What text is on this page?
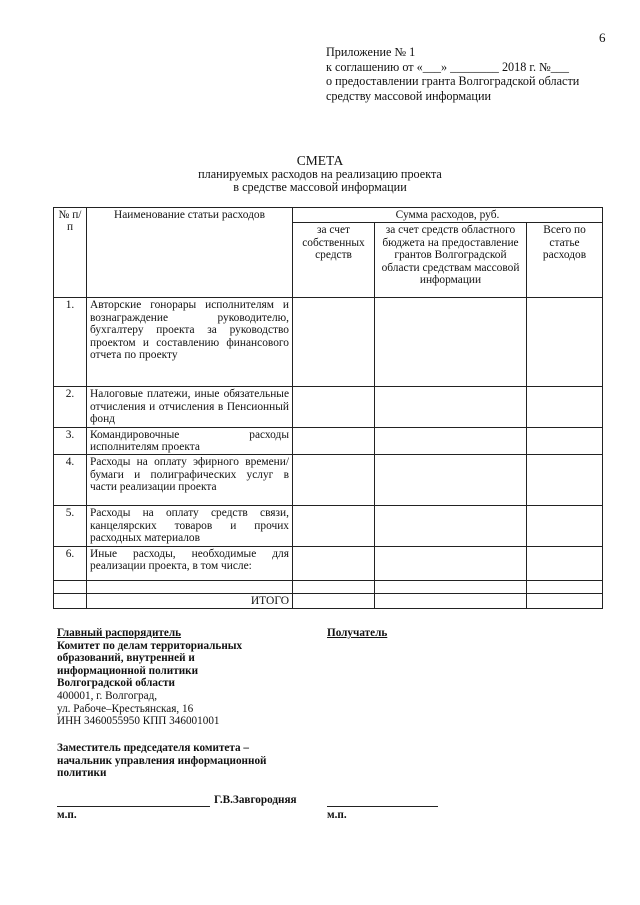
6
Приложение № 1
к соглашению от «___» ________ 2018 г. №___
о предоставлении гранта Волгоградской области
средству массовой информации
СМЕТА
планируемых расходов на реализацию проекта
в средстве массовой информации
№ п/п	Наименование статьи расходов	Сумма расходов, руб.		
		за счет собственных средств	за счет средств областного бюджета на предоставление грантов Волгоградской области средствам массовой информации	Всего по статье расходов
1.	Авторские гонорары исполнителям и вознаграждение руководителю, бухгалтеру проекта за руководство проектом и составлению финансового отчета по проекту			
2.	Налоговые платежи, иные обязательные отчисления и отчисления в Пенсионный фонд			
3.	Командировочные расходы исполнителям проекта			
4.	Расходы на оплату эфирного времени/бумаги и полиграфических услуг в части реализации проекта			
5.	Расходы на оплату средств связи, канцелярских товаров и прочих расходных материалов			
6.	Иные расходы, необходимые для реализации проекта, в том числе:			

	ИТОГО			
Главный распорядитель
Комитет по делам территориальных
образований, внутренней и
информационной политики
Волгоградской области
400001, г. Волгоград,
ул. Рабоче–Крестьянская, 16
ИНН 3460055950 КПП 346001001
Заместитель председателя комитета –
начальник управления информационной
политики
Г.В.Завгородняя
м.п.
Получатель
м.п.
